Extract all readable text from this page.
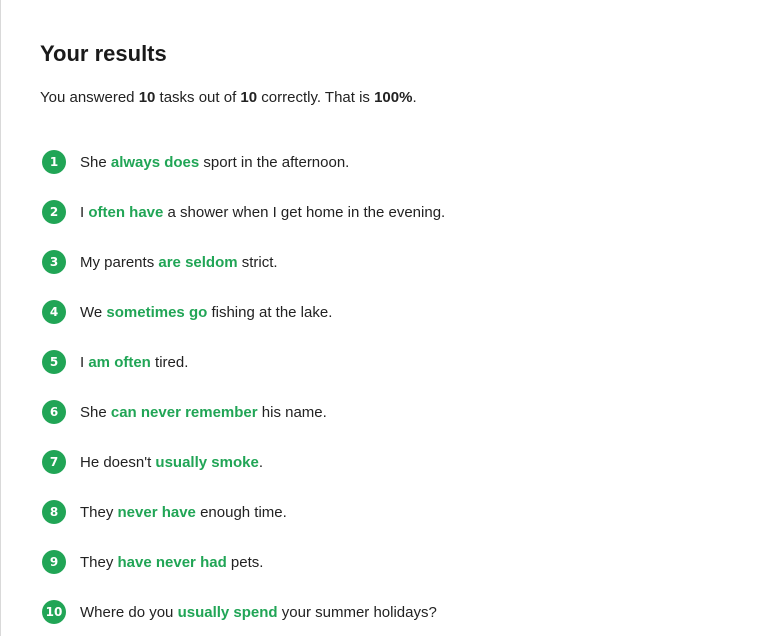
Your results
You answered 10 tasks out of 10 correctly. That is 100%.
1	She always does sport in the afternoon.
2	I often have a shower when I get home in the evening.
3	My parents are seldom strict.
4	We sometimes go fishing at the lake.
5	I am often tired.
6	She can never remember his name.
7	He doesn't usually smoke.
8	They never have enough time.
9	They have never had pets.
10 Where do you usually spend your summer holidays?
